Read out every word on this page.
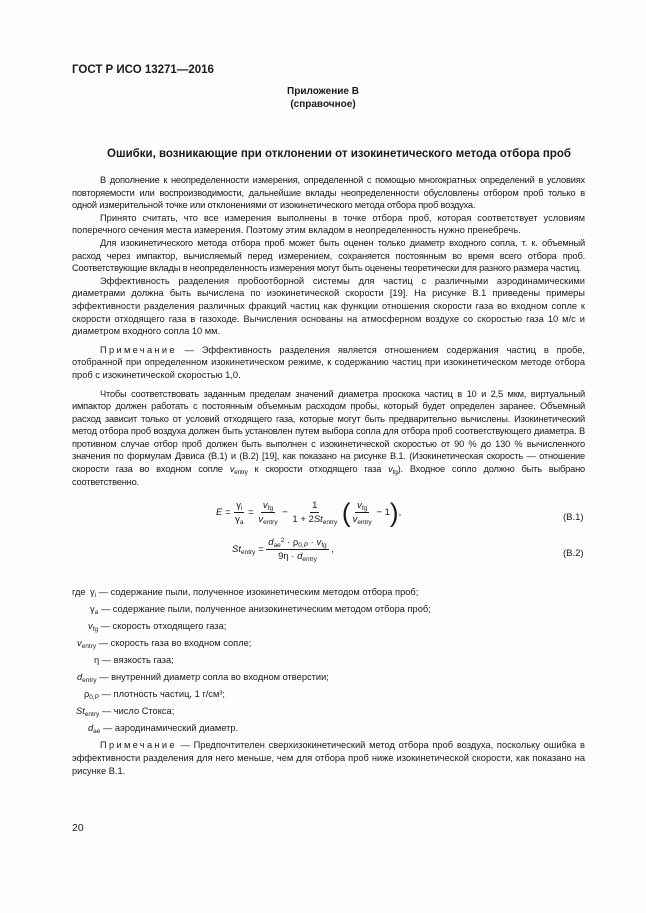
ГОСТ Р ИСО 13271—2016
Приложение В
(справочное)
Ошибки, возникающие при отклонении от изокинетического метода отбора проб

В дополнение к неопределенности измерения, определенной с помощью многократных определений в условиях повторяемости или воспроизводимости, дальнейшие вклады неопределенности обусловлены отбором проб только в одной измерительной точке или отклонениями от изокинетического метода отбора проб воздуха.

Принято считать, что все измерения выполнены в точке отбора проб, которая соответствует условиям поперечного сечения места измерения. Поэтому этим вкладом в неопределенность нужно пренебречь.

Для изокинетического метода отбора проб может быть оценен только диаметр входного сопла, т. к. объемный расход через импактор, вычисляемый перед измерением, сохраняется постоянным во время всего отбора проб. Соответствующие вклады в неопределенность измерения могут быть оценены теоретически для разного размера частиц.

Эффективность разделения пробоотборной системы для частиц с различными аэродинамическими диаметрами должна быть вычислена по изокинетической скорости [19]. На рисунке В.1 приведены примеры эффективности разделения различных фракций частиц как функции отношения скорости газа во входном сопле к скорости отходящего газа в газоходе. Вычисления основаны на атмосферном воздухе со скоростью газа 10 м/с и диаметром входного сопла 10 мм.

Примечание — Эффективность разделения является отношением содержания частиц в пробе, отобранной при определенном изокинетическом режиме, к содержанию частиц при изокинетическом методе отбора проб с изокинетической скоростью 1,0.

Чтобы соответствовать заданным пределам значений диаметра проскока частиц в 10 и 2,5 мкм, виртуальный импактор должен работать с постоянным объемным расходом пробы, который будет определен заранее. Объемный расход зависит только от условий отходящего газа, которые могут быть предварительно вычислены. Изокинетический метод отбора проб воздуха должен быть установлен путем выбора сопла для отбора проб соответствующего диаметра. В противном случае отбор проб должен быть выполнен с изокинетической скоростью от 90 % до 130 % вычисленного значения по формулам Дэвиса (В.1) и (В.2) [19], как показано на рисунке В.1. (Изокинетическая скорость — отношение скорости газа во входном сопле $v_{entry}$ к скорости отходящего газа $v_{fg}$). Входное сопло должно быть выбрано соответственно.

$E = \frac{\gamma_i}{\gamma_a} = \frac{v_{fg}}{v_{entry}} - \frac{1}{1 + 2St_{entry}}$ ( $\frac{v_{fg}}{v_{entry}} - 1$),	(В.1)
$St_{entry} = \frac{d_{ae}^2 \cdot \rho_{0,P} \cdot v_{fg}}{9\eta \cdot d_{entry}}$ ,	(В.2)
где $\gamma_i$ — содержание пыли, полученное изокинетическим методом отбора проб;
$\gamma_a$ — содержание пыли, полученное анизокинетическим методом отбора проб;
$v_{fg}$ — скорость отходящего газа;
$v_{entry}$ — скорость газа во входном сопле;
η — вязкость газа;
$d_{entry}$ — внутренний диаметр сопла во входном отверстии;
$\rho_{0,P}$ — плотность частиц, 1 г/см³;
$St_{entry}$ — число Стокса;
$d_{ae}$ — аэродинамический диаметр.
Примечание — Предпочтителен сверхизокинетический метод отбора проб воздуха, поскольку ошибка в эффективности разделения для него меньше, чем для отбора проб ниже изокинетической скорости, как показано на рисунке В.1.
20
